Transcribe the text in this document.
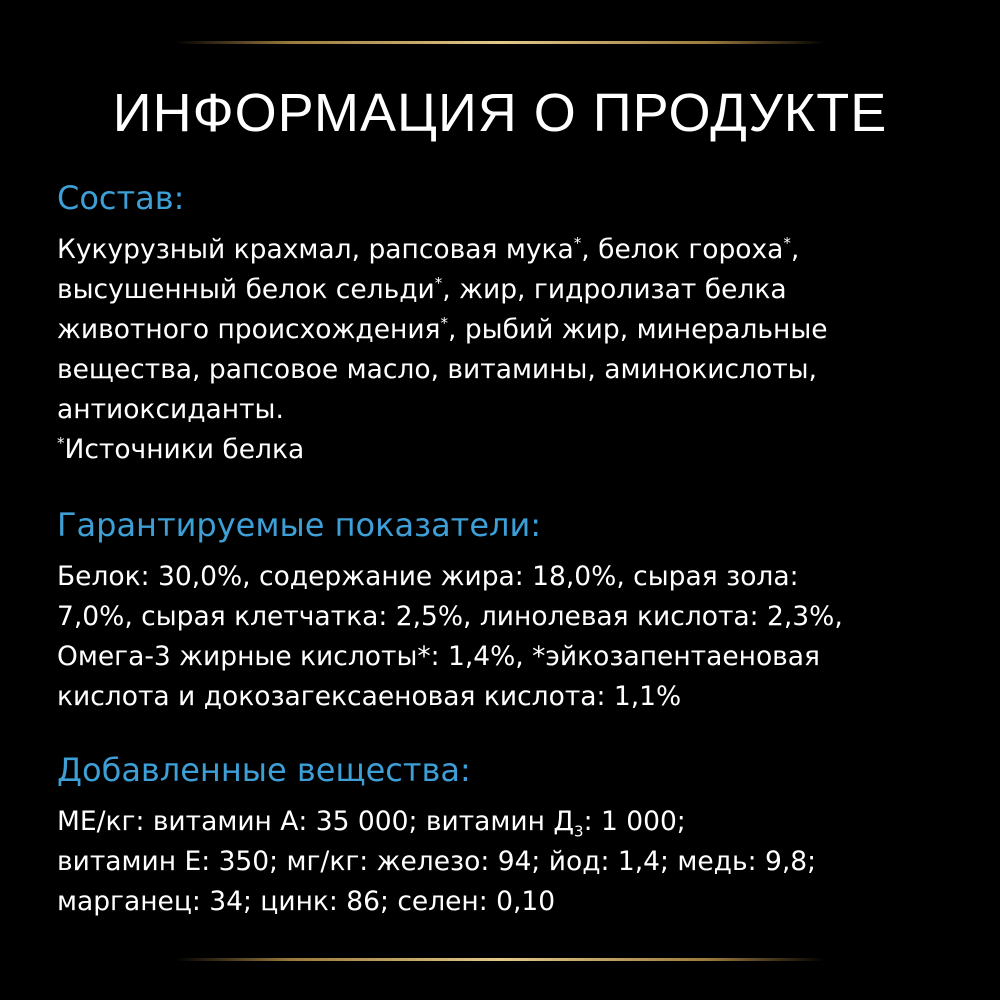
ИНФОРМАЦИЯ О ПРОДУКТЕ
Состав:

Кукурузный крахмал, рапсовая мука*, белок гороха*,
высушенный белок сельди*, жир, гидролизат белка
животного происхождения*, рыбий жир, минеральные
вещества, рапсовое масло, витамины, аминокислоты,
антиоксиданты.
*Источники белка

Гарантируемые показатели:

Белок: 30,0%, содержание жира: 18,0%, сырая зола:
7,0%, сырая клетчатка: 2,5%, линолевая кислота: 2,3%,
Омега-3 жирные кислоты*: 1,4%, *эйкозапентаеновая
кислота и докозагексаеновая кислота: 1,1%

Добавленные вещества:

МЕ/кг: витамин А: 35 000; витамин $Д_3$: 1 000;
витамин Е: 350; мг/кг: железо: 94; йод: 1,4; медь: 9,8;
марганец: 34; цинк: 86; селен: 0,10
